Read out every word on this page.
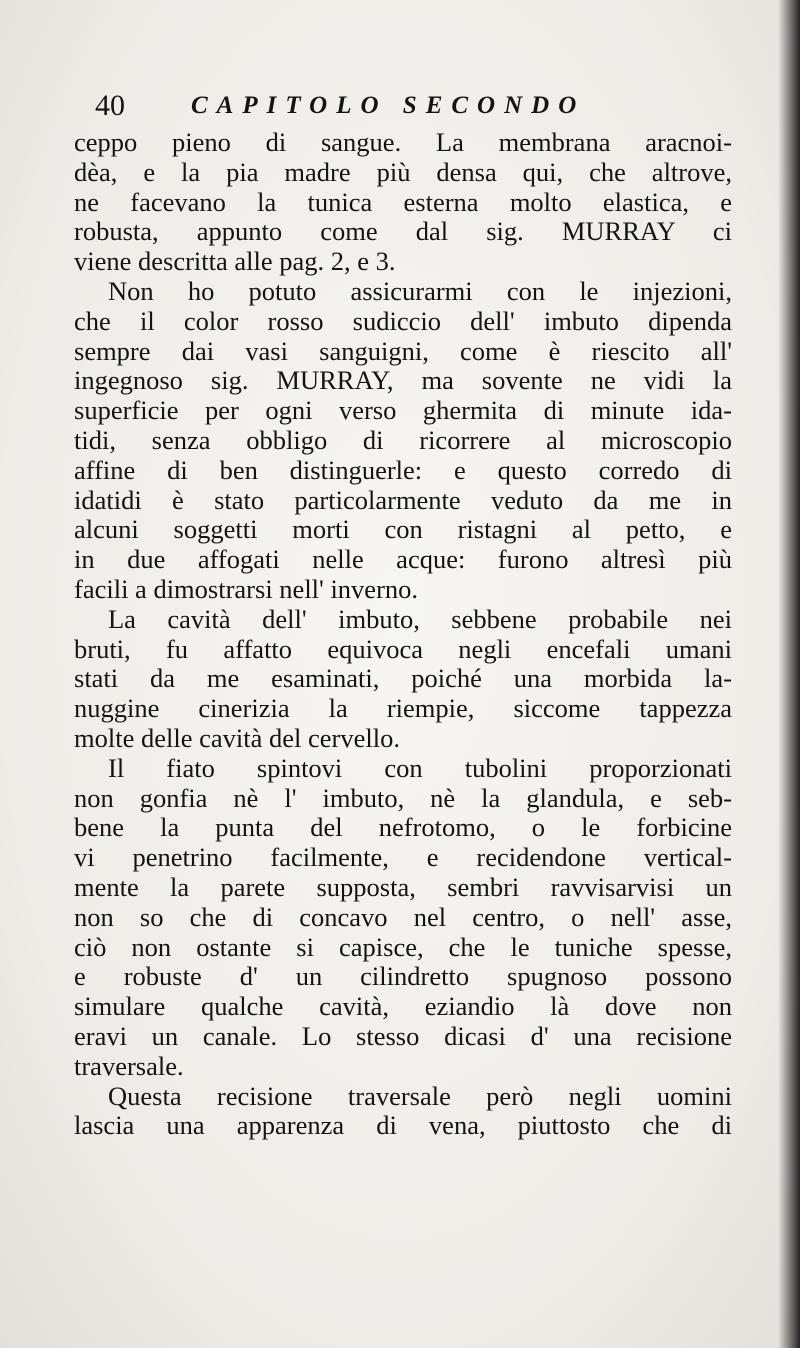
40	CAPITOLO SECONDO
ceppo pieno di sangue. La membrana aracnoi-
dèa, e la pia madre più densa qui, che altrove,
ne facevano la tunica esterna molto elastica, e
robusta, appunto come dal sig. MURRAY ci
viene descritta alle pag. 2, e 3.
Non ho potuto assicurarmi con le injezioni,
che il color rosso sudiccio dell' imbuto dipenda
sempre dai vasi sanguigni, come è riescito all'
ingegnoso sig. MURRAY, ma sovente ne vidi la
superficie per ogni verso ghermita di minute ida-
tidi, senza obbligo di ricorrere al microscopio
affine di ben distinguerle: e questo corredo di
idatidi è stato particolarmente veduto da me in
alcuni soggetti morti con ristagni al petto, e
in due affogati nelle acque: furono altresì più
facili a dimostrarsi nell' inverno.
La cavità dell' imbuto, sebbene probabile nei
bruti, fu affatto equivoca negli encefali umani
stati da me esaminati, poiché una morbida la-
nuggine cinerizia la riempie, siccome tappezza
molte delle cavità del cervello.
Il fiato spintovi con tubolini proporzionati
non gonfia nè l' imbuto, nè la glandula, e seb-
bene la punta del nefrotomo, o le forbicine
vi penetrino facilmente, e recidendone vertical-
mente la parete supposta, sembri ravvisarvisi un
non so che di concavo nel centro, o nell' asse,
ciò non ostante si capisce, che le tuniche spesse,
e robuste d' un cilindretto spugnoso possono
simulare qualche cavità, eziandio là dove non
eravi un canale. Lo stesso dicasi d' una recisione
traversale.
Questa recisione traversale però negli uomini
lascia una apparenza di vena, piuttosto che di
